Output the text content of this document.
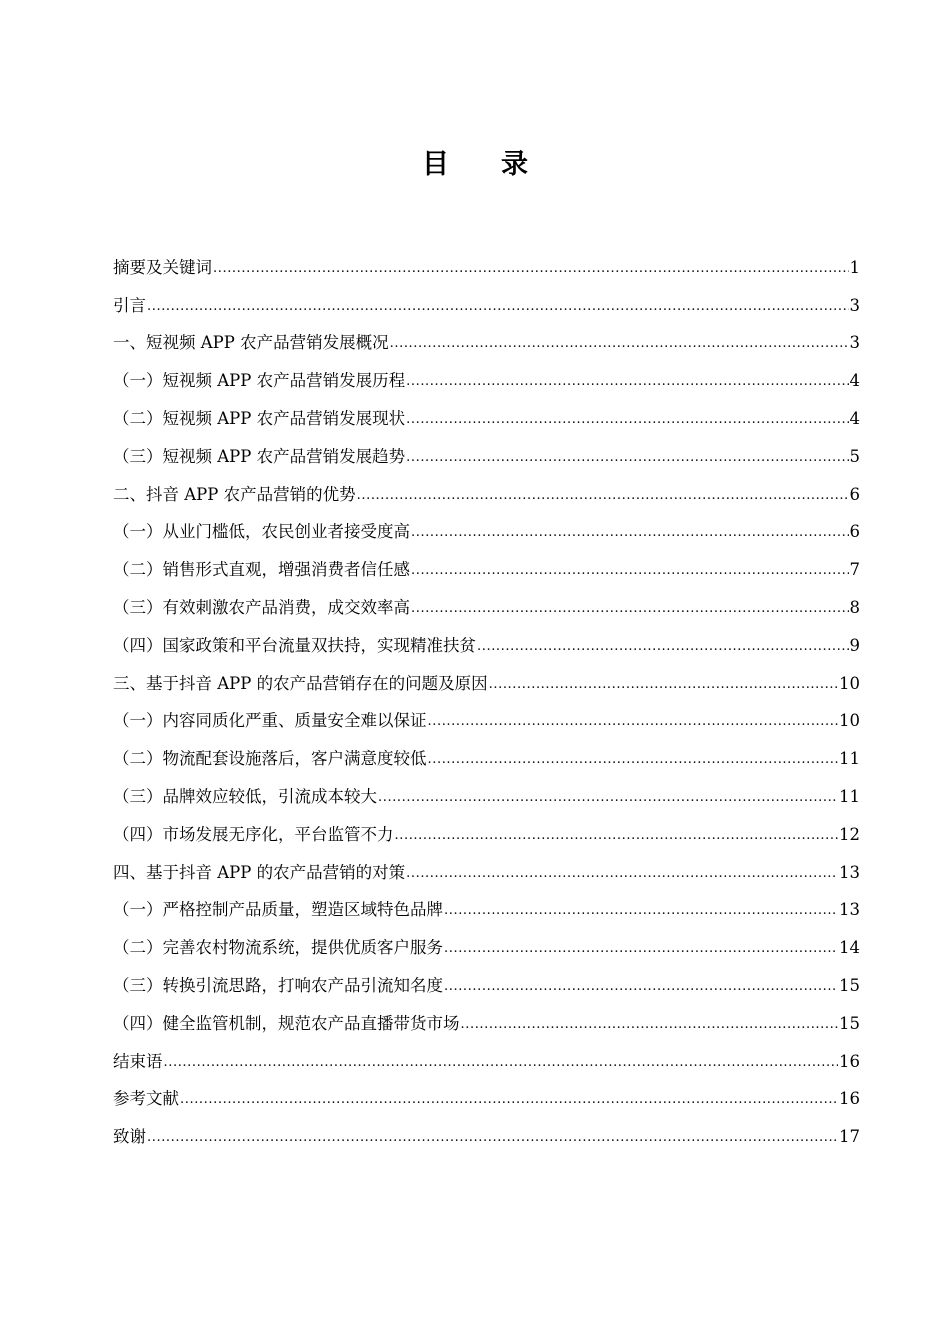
目 录
摘要及关键词 .....	1
引言 .....	3
一、短视频 APP 农产品营销发展概况 .....	3
（一）短视频 APP 农产品营销发展历程 .....	4
（二）短视频 APP 农产品营销发展现状 .....	4
（三）短视频 APP 农产品营销发展趋势 .....	5
二、抖音 APP 农产品营销的优势 .....	6
（一）从业门槛低，农民创业者接受度高 .....	6
（二）销售形式直观，增强消费者信任感 .....	7
（三）有效刺激农产品消费，成交效率高 .....	8
（四）国家政策和平台流量双扶持，实现精准扶贫 .....	9
三、基于抖音 APP 的农产品营销存在的问题及原因 .....	10
（一）内容同质化严重、质量安全难以保证 .....	10
（二）物流配套设施落后，客户满意度较低 .....	11
（三）品牌效应较低，引流成本较大 .....	11
（四）市场发展无序化，平台监管不力 .....	12
四、基于抖音 APP 的农产品营销的对策 .....	13
（一）严格控制产品质量，塑造区域特色品牌 .....	13
（二）完善农村物流系统，提供优质客户服务 .....	14
（三）转换引流思路，打响农产品引流知名度 .....	15
（四）健全监管机制，规范农产品直播带货市场 .....	15
结束语 .....	16
参考文献 .....	16
致谢 .....	17
